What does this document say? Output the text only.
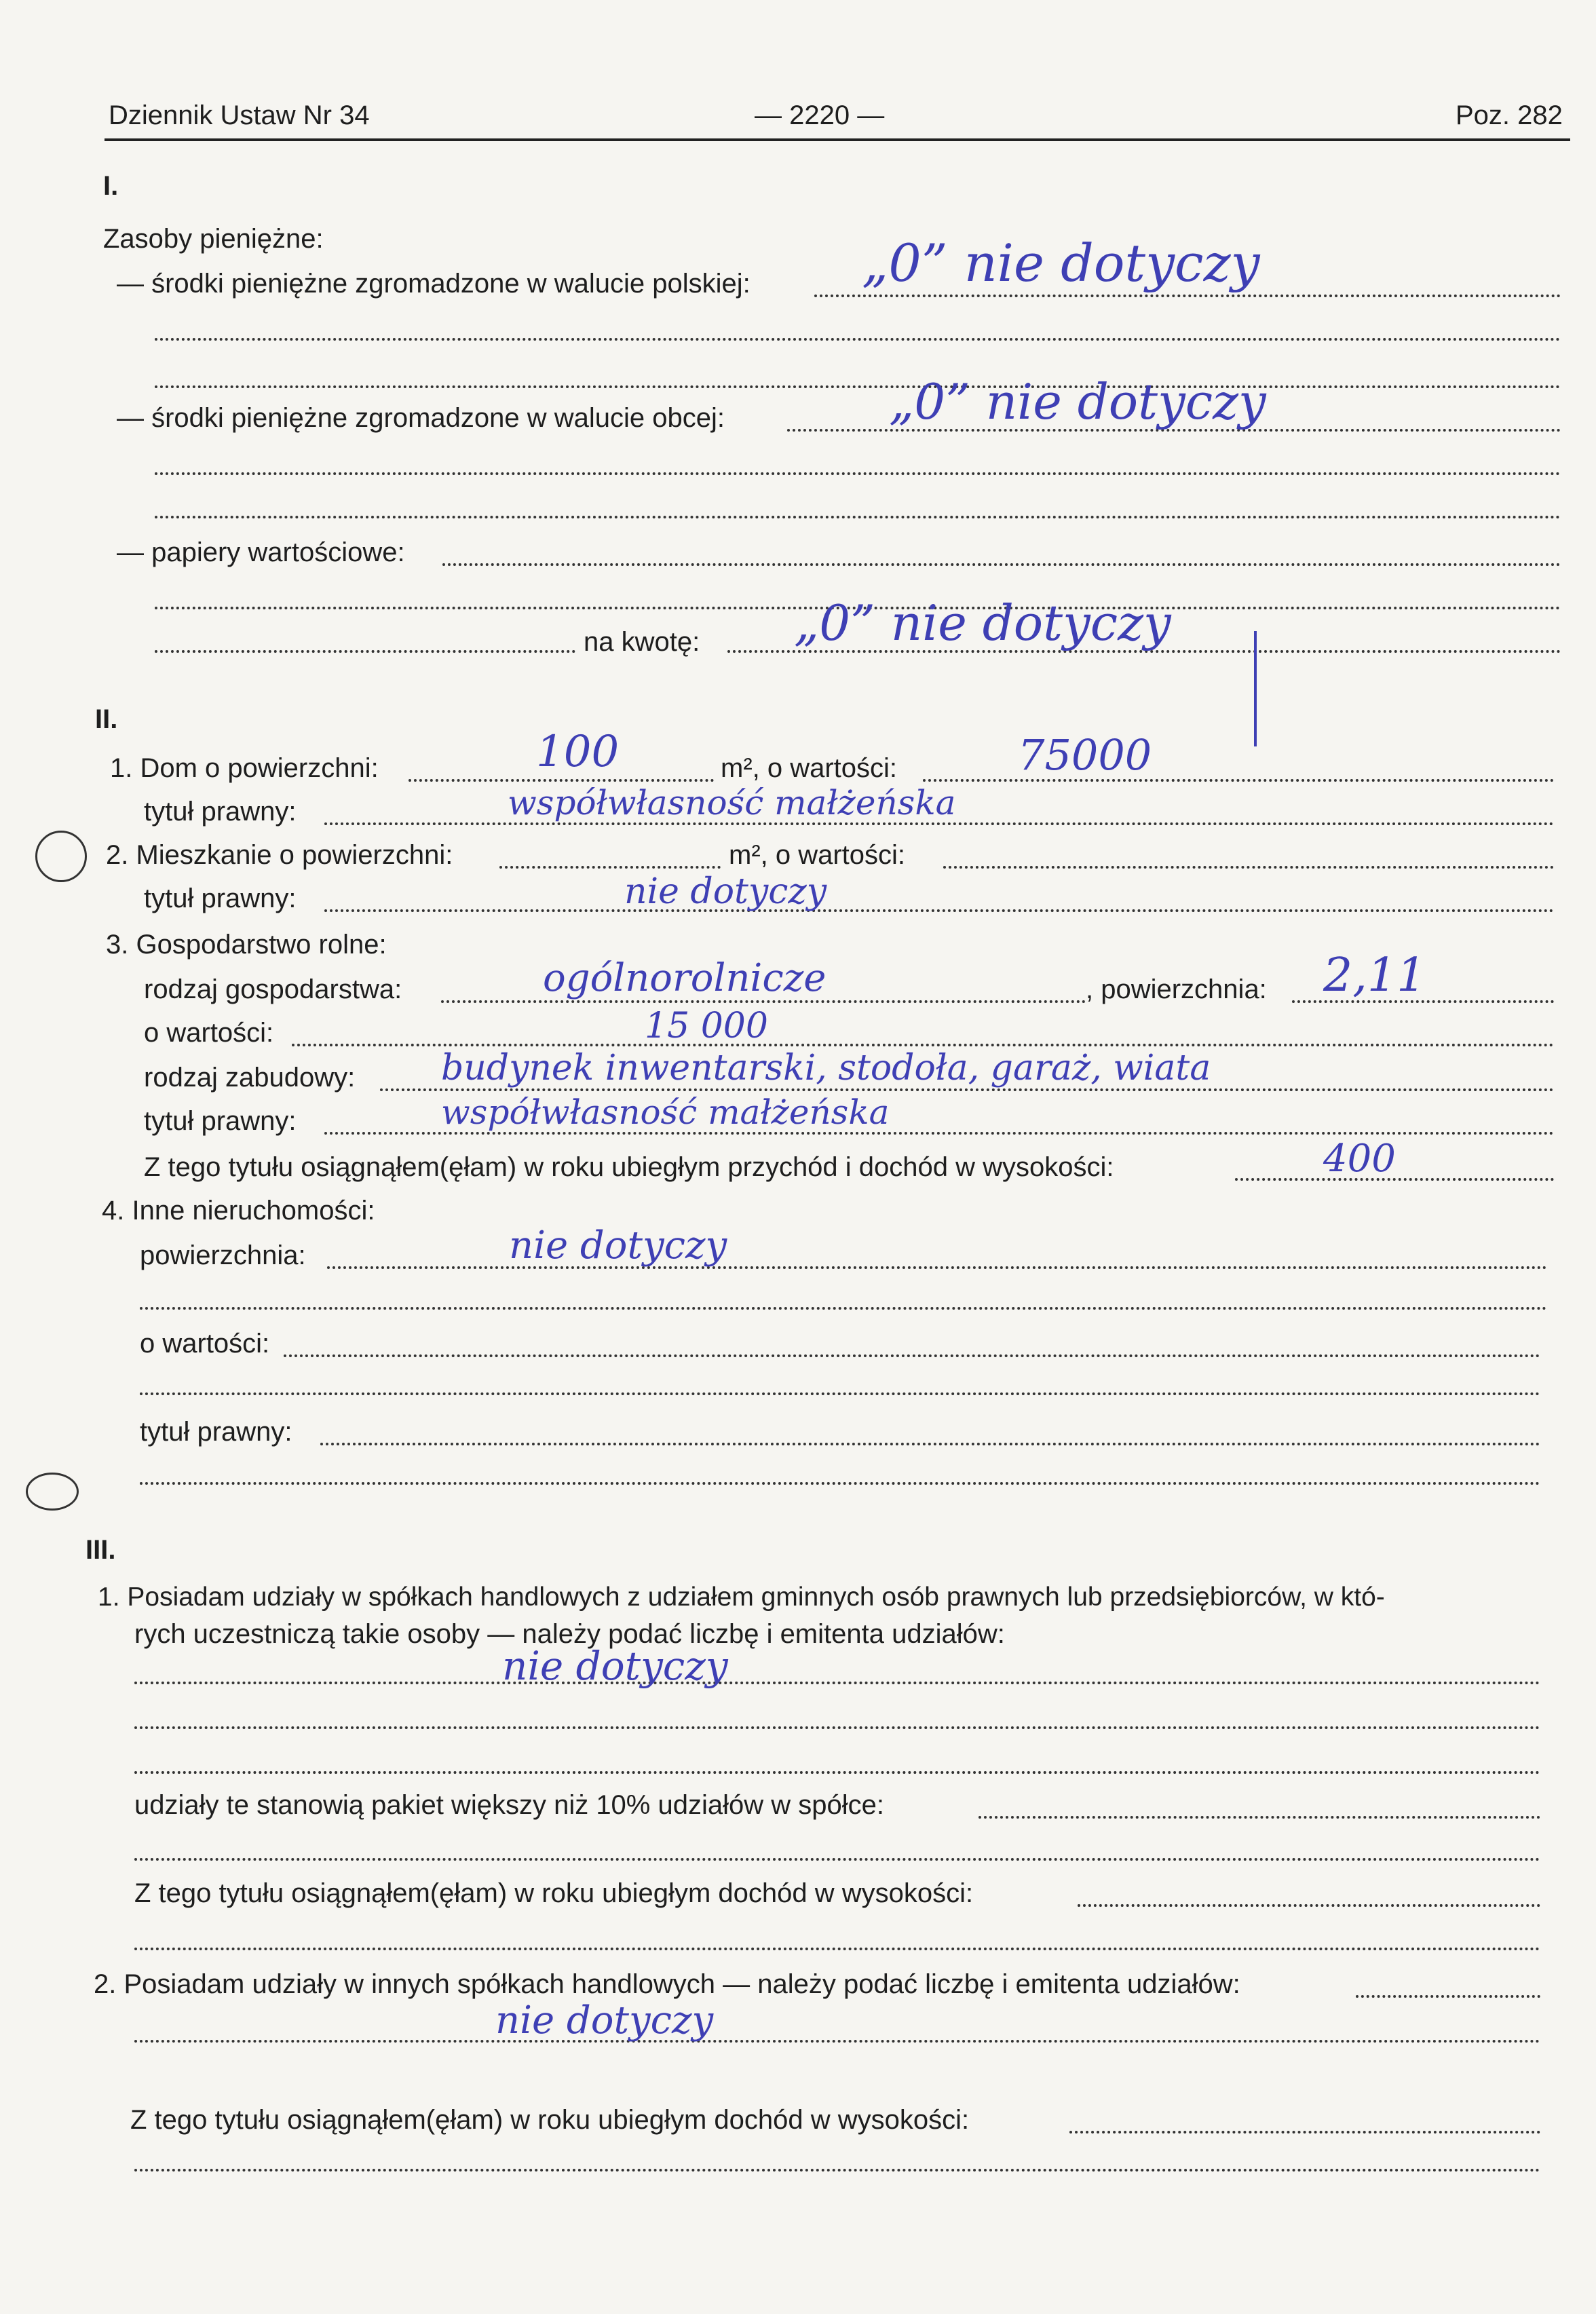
Dziennik Ustaw Nr 34	— 2220 —	Poz. 282
I.
Zasoby pieniężne:
— środki pieniężne zgromadzone w walucie polskiej: „0” nie dotyczy
— środki pieniężne zgromadzone w walucie obcej:	„0” nie dotyczy
— papiery wartościowe:
na kwotę: „0” nie dotyczy
II.
1. Dom o powierzchni:	100	m², o wartości:	75000
tytuł prawny:	współwłasność małżeńska
2. Mieszkanie o powierzchni:	m², o wartości:
tytuł prawny:	nie dotyczy
3. Gospodarstwo rolne:
rodzaj gospodarstwa:	ogólnorolnicze	, powierzchnia: 2,11
o wartości:	15 000
rodzaj zabudowy: budynek inwentarski, stodoła, garaż, wiata
tytuł prawny:	współwłasność małżeńska
Z tego tytułu osiągnąłem(ęłam) w roku ubiegłym przychód i dochód w wysokości:	400
4. Inne nieruchomości:
powierzchnia:	nie dotyczy
o wartości:
tytuł prawny:
III.
1. Posiadam udziały w spółkach handlowych z udziałem gminnych osób prawnych lub przedsiębiorców, w któ-
rych uczestniczą takie osoby — należy podać liczbę i emitenta udziałów:
nie dotyczy
udziały te stanowią pakiet większy niż 10% udziałów w spółce:
Z tego tytułu osiągnąłem(ęłam) w roku ubiegłym dochód w wysokości:
2. Posiadam udziały w innych spółkach handlowych — należy podać liczbę i emitenta udziałów:
nie dotyczy
Z tego tytułu osiągnąłem(ęłam) w roku ubiegłym dochód w wysokości:
